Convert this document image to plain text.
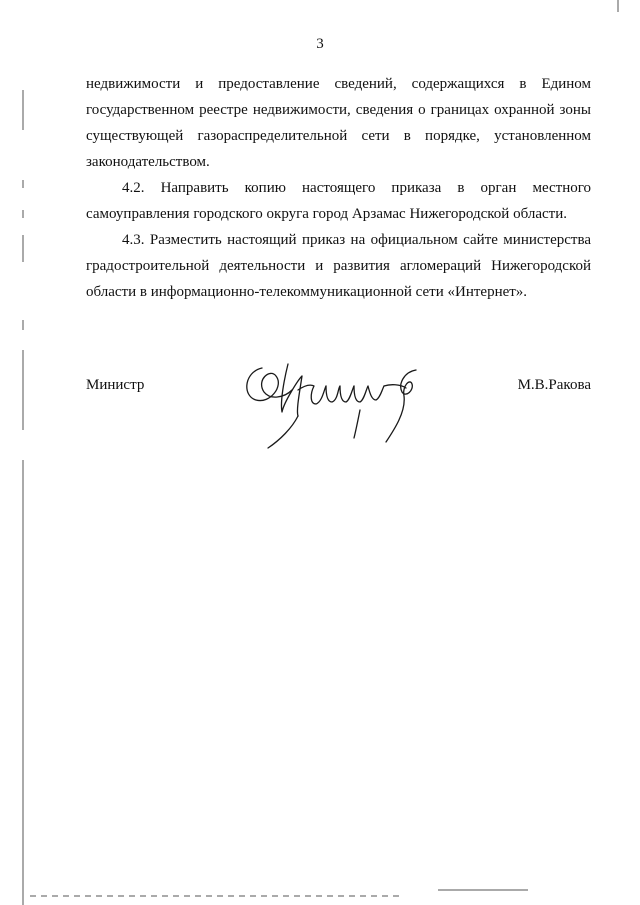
3

недвижимости и предоставление сведений, содержащихся в Едином государственном реестре недвижимости, сведения о границах охранной зоны существующей газораспределительной сети в порядке, установленном законодательством.

4.2. Направить копию настоящего приказа в орган местного самоуправления городского округа город Арзамас Нижегородской области.

4.3. Разместить настоящий приказ на официальном сайте министерства градостроительной деятельности и развития агломераций Нижегородской области в информационно-телекоммуникационной сети «Интернет».

Министр	М.В.Ракова
